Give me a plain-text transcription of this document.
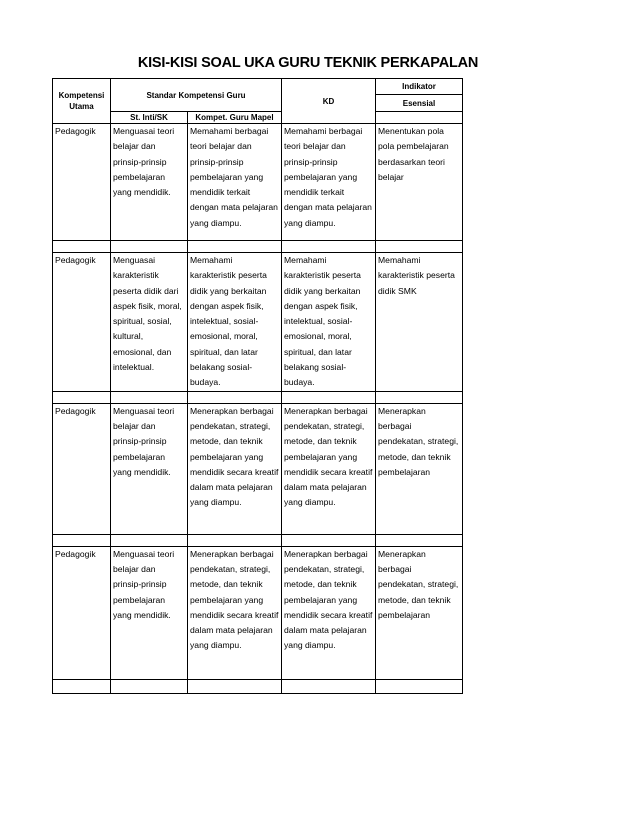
KISI-KISI SOAL UKA GURU TEKNIK PERKAPALAN
Kompetensi Utama	Standar Kompetensi Guru		KD	Indikator
				Esensial
	St. Inti/SK	Kompet. Guru Mapel		
Pedagogik	Menguasai teori belajar dan prinsip-prinsip pembelajaran yang mendidik.	Memahami berbagai teori belajar dan prinsip-prinsip pembelajaran yang mendidik terkait dengan mata pelajaran yang diampu.	Memahami berbagai teori belajar dan prinsip-prinsip pembelajaran yang mendidik terkait dengan mata pelajaran yang diampu.	Menentukan pola pola pembelajaran berdasarkan teori belajar

Pedagogik	Menguasai karakteristik peserta didik dari aspek fisik, moral, spiritual, sosial, kultural, emosional, dan intelektual.	Memahami karakteristik peserta didik yang berkaitan dengan aspek fisik, intelektual, sosial-emosional, moral, spiritual, dan latar belakang sosial-budaya.	Memahami karakteristik peserta didik yang berkaitan dengan aspek fisik, intelektual, sosial-emosional, moral, spiritual, dan latar belakang sosial-budaya.	Memahami karakteristik peserta didik SMK

Pedagogik	Menguasai teori belajar dan prinsip-prinsip pembelajaran yang mendidik.	Menerapkan berbagai pendekatan, strategi, metode, dan teknik pembelajaran yang mendidik secara kreatif dalam mata pelajaran yang diampu.	Menerapkan berbagai pendekatan, strategi, metode, dan teknik pembelajaran yang mendidik secara kreatif dalam mata pelajaran yang diampu.	Menerapkan berbagai pendekatan, strategi, metode, dan teknik pembelajaran

Pedagogik	Menguasai teori belajar dan prinsip-prinsip pembelajaran yang mendidik.	Menerapkan berbagai pendekatan, strategi, metode, dan teknik pembelajaran yang mendidik secara kreatif dalam mata pelajaran yang diampu.	Menerapkan berbagai pendekatan, strategi, metode, dan teknik pembelajaran yang mendidik secara kreatif dalam mata pelajaran yang diampu.	Menerapkan berbagai pendekatan, strategi, metode, dan teknik pembelajaran
